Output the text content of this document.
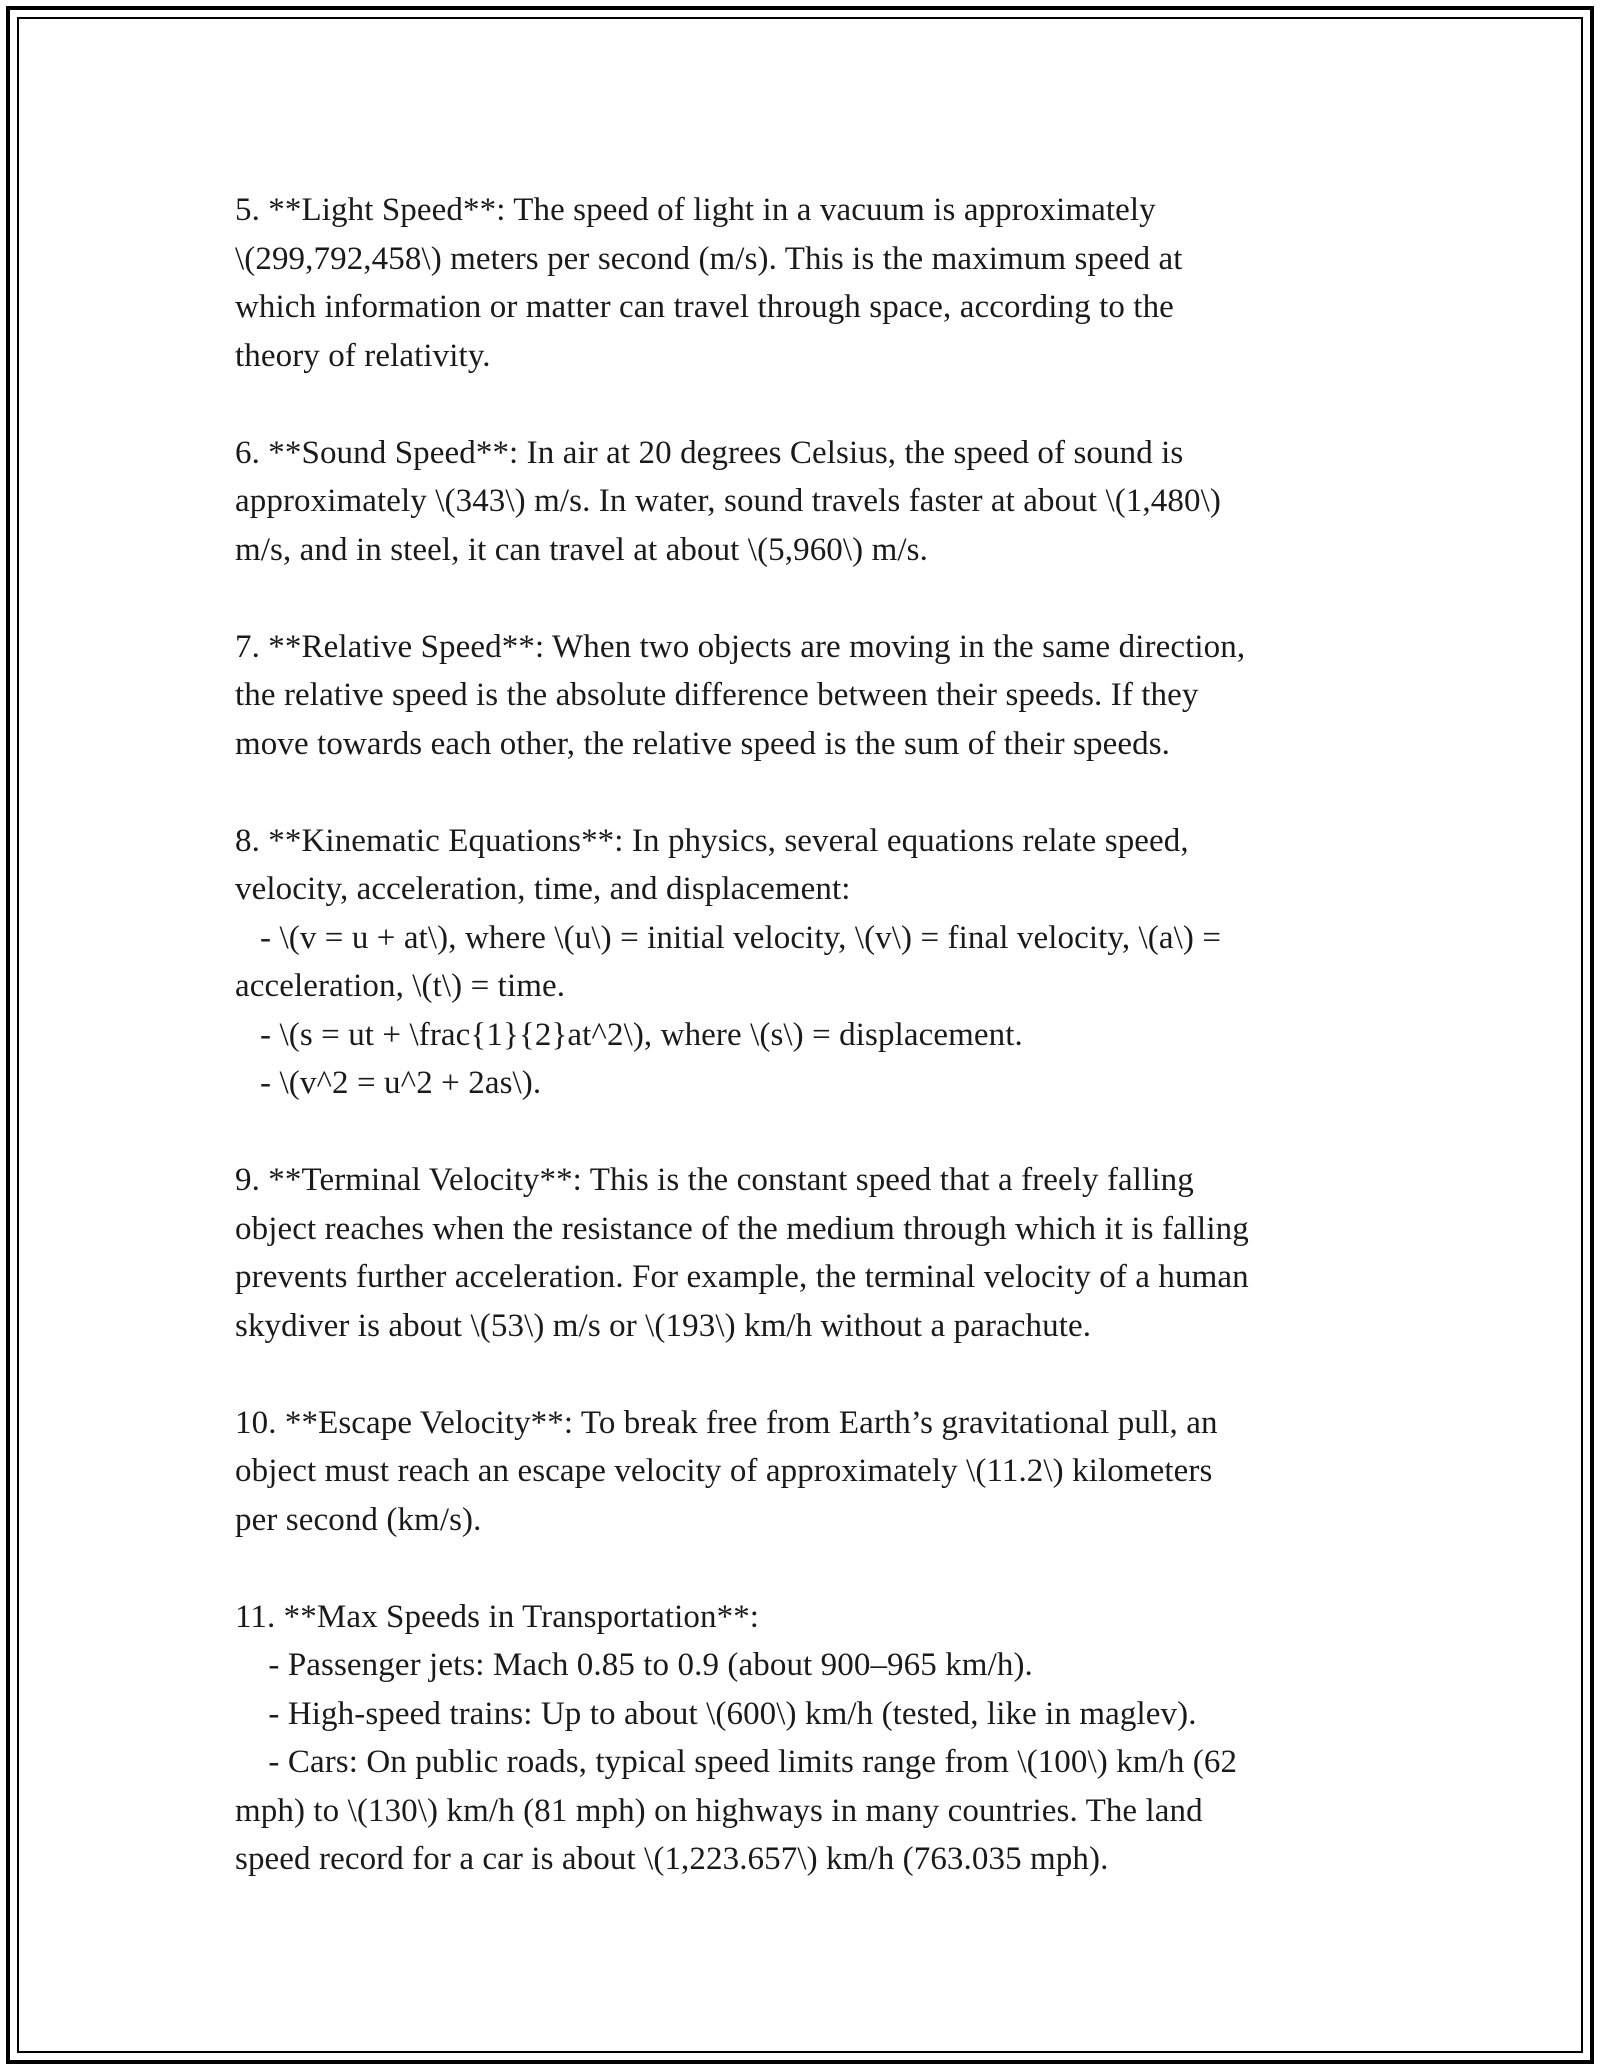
5. **Light Speed**: The speed of light in a vacuum is approximately
\(299,792,458\) meters per second (m/s). This is the maximum speed at
which information or matter can travel through space, according to the
theory of relativity.
6. **Sound Speed**: In air at 20 degrees Celsius, the speed of sound is
approximately \(343\) m/s. In water, sound travels faster at about \(1,480\)
m/s, and in steel, it can travel at about \(5,960\) m/s.
7. **Relative Speed**: When two objects are moving in the same direction,
the relative speed is the absolute difference between their speeds. If they
move towards each other, the relative speed is the sum of their speeds.
8. **Kinematic Equations**: In physics, several equations relate speed,
velocity, acceleration, time, and displacement:
- \(v = u + at\), where \(u\) = initial velocity, \(v\) = final velocity, \(a\) =
acceleration, \(t\) = time.
- \(s = ut + \frac{1}{2}at^2\), where \(s\) = displacement.
- \(v^2 = u^2 + 2as\).
9. **Terminal Velocity**: This is the constant speed that a freely falling
object reaches when the resistance of the medium through which it is falling
prevents further acceleration. For example, the terminal velocity of a human
skydiver is about \(53\) m/s or \(193\) km/h without a parachute.
10. **Escape Velocity**: To break free from Earth’s gravitational pull, an
object must reach an escape velocity of approximately \(11.2\) kilometers
per second (km/s).
11. **Max Speeds in Transportation**:
- Passenger jets: Mach 0.85 to 0.9 (about 900–965 km/h).
- High-speed trains: Up to about \(600\) km/h (tested, like in maglev).
- Cars: On public roads, typical speed limits range from \(100\) km/h (62
mph) to \(130\) km/h (81 mph) on highways in many countries. The land
speed record for a car is about \(1,223.657\) km/h (763.035 mph).
